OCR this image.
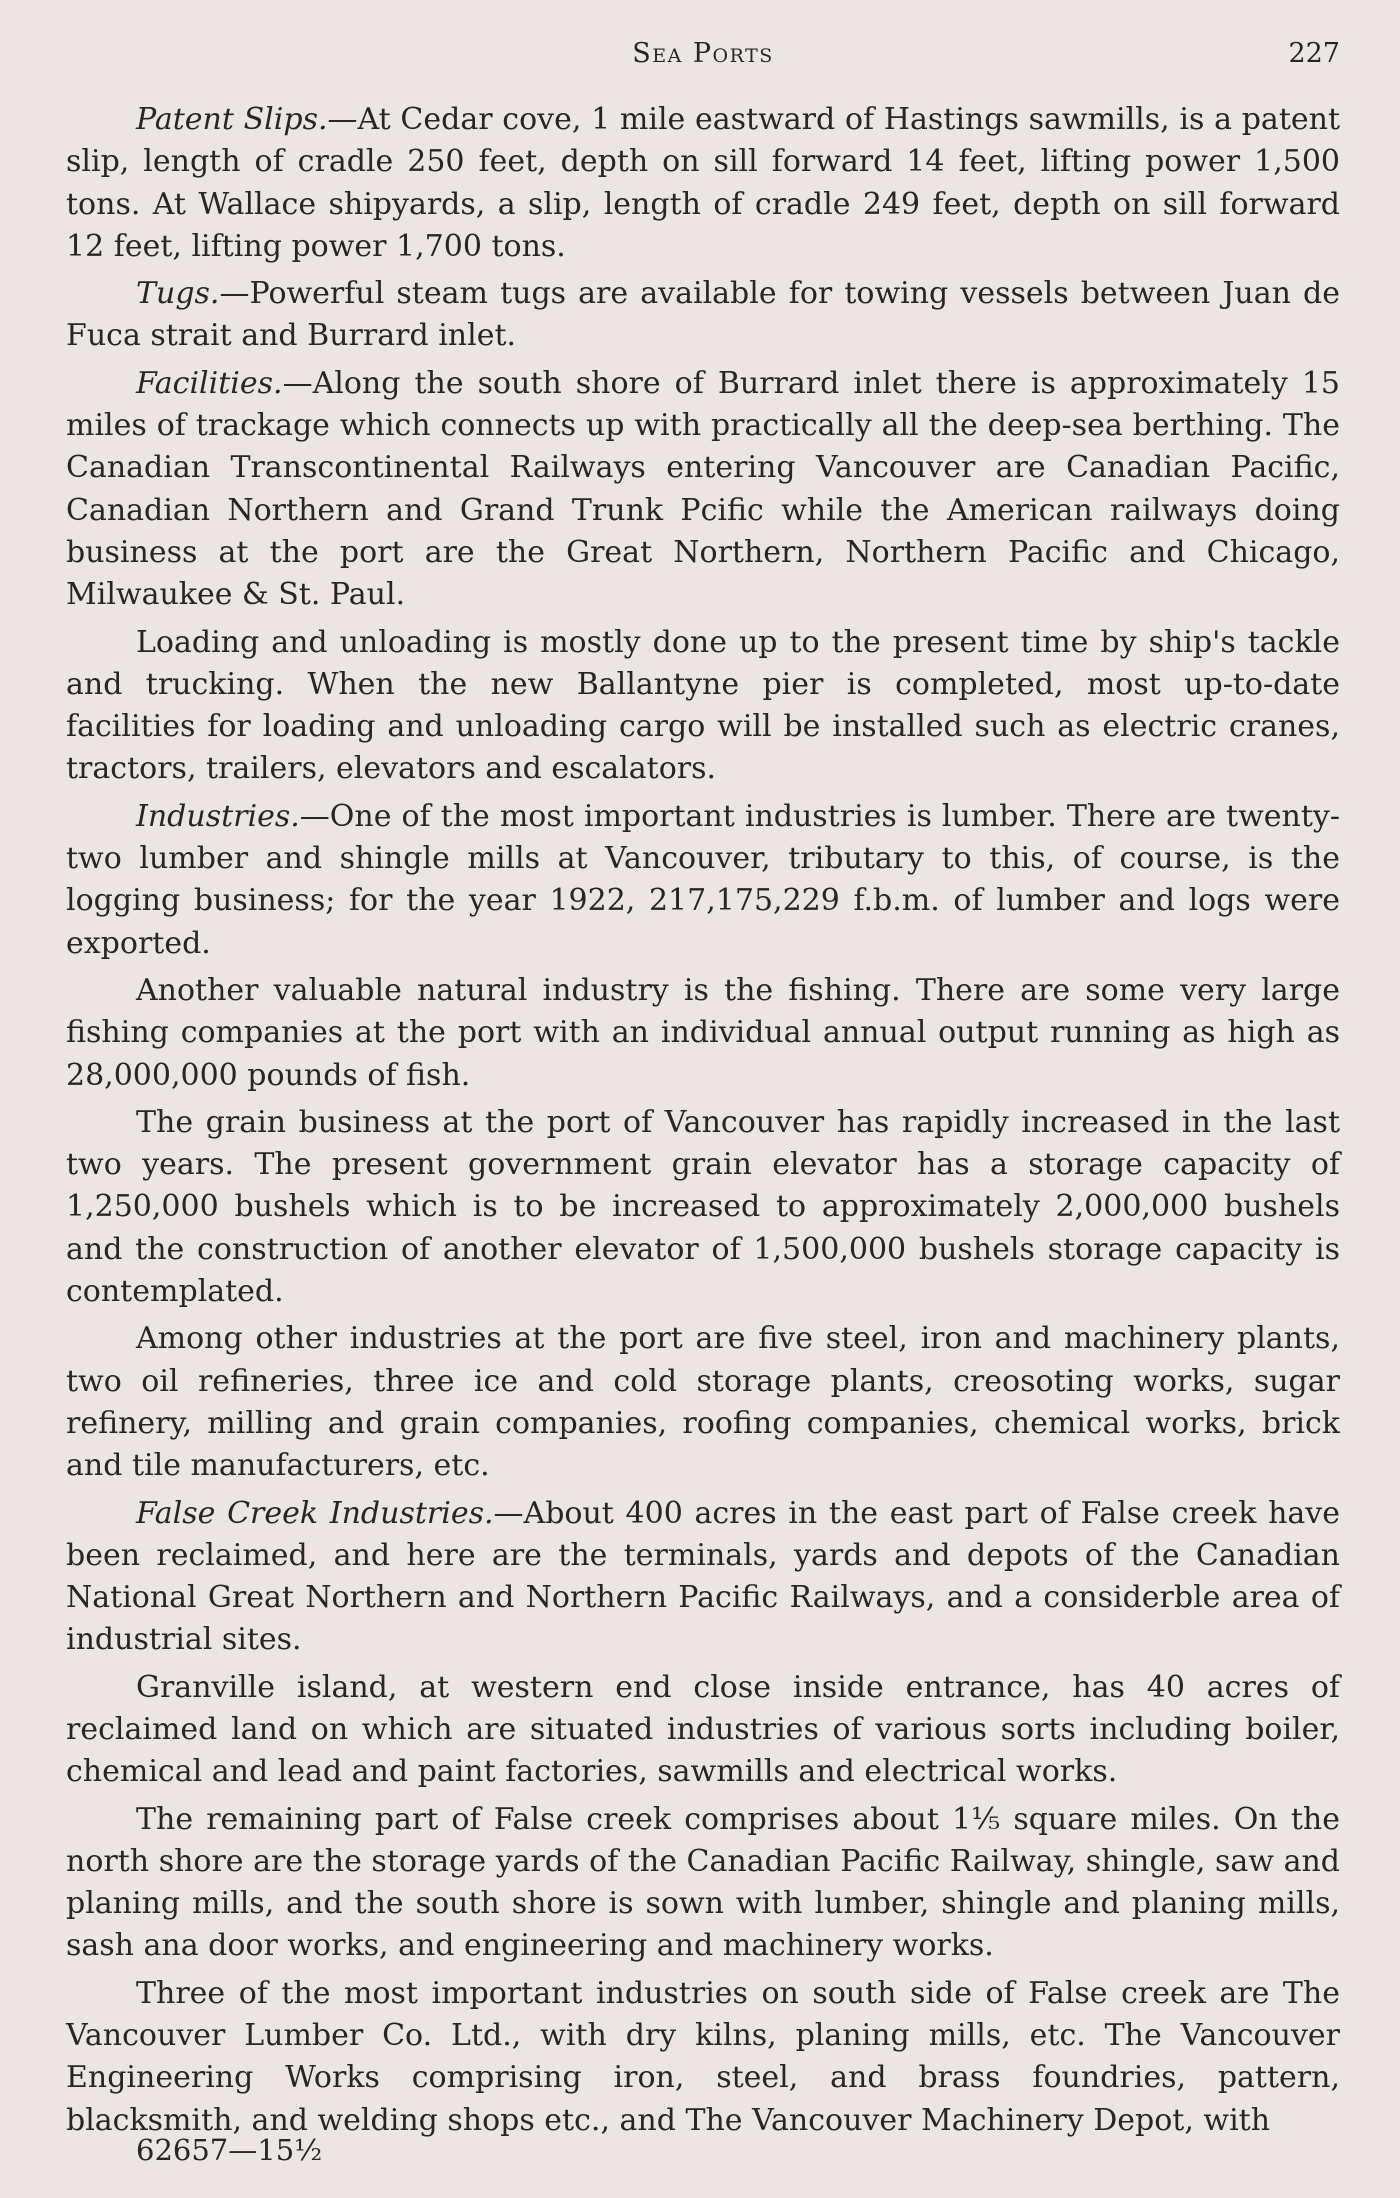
Sea Ports	227

Patent Slips.—At Cedar cove, 1 mile eastward of Hastings sawmills, is a patent slip, length of cradle 250 feet, depth on sill forward 14 feet, lifting power 1,500 tons. At Wallace shipyards, a slip, length of cradle 249 feet, depth on sill forward 12 feet, lifting power 1,700 tons.

Tugs.—Powerful steam tugs are available for towing vessels between Juan de Fuca strait and Burrard inlet.

Facilities.—Along the south shore of Burrard inlet there is approximately 15 miles of trackage which connects up with practically all the deep-sea berthing. The Canadian Transcontinental Railways entering Vancouver are Canadian Pacific, Canadian Northern and Grand Trunk Pcific while the American railways doing business at the port are the Great Northern, Northern Pacific and Chicago, Milwaukee & St. Paul.

Loading and unloading is mostly done up to the present time by ship's tackle and trucking. When the new Ballantyne pier is completed, most up-to-date facilities for loading and unloading cargo will be installed such as electric cranes, tractors, trailers, elevators and escalators.

Industries.—One of the most important industries is lumber. There are twenty-two lumber and shingle mills at Vancouver, tributary to this, of course, is the logging business; for the year 1922, 217,175,229 f.b.m. of lumber and logs were exported.

Another valuable natural industry is the fishing. There are some very large fishing companies at the port with an individual annual output running as high as 28,000,000 pounds of fish.

The grain business at the port of Vancouver has rapidly increased in the last two years. The present government grain elevator has a storage capacity of 1,250,000 bushels which is to be increased to approximately 2,000,000 bushels and the construction of another elevator of 1,500,000 bushels storage capacity is contemplated.

Among other industries at the port are five steel, iron and machinery plants, two oil refineries, three ice and cold storage plants, creosoting works, sugar refinery, milling and grain companies, roofing companies, chemical works, brick and tile manufacturers, etc.

False Creek Industries.—About 400 acres in the east part of False creek have been reclaimed, and here are the terminals, yards and depots of the Canadian National Great Northern and Northern Pacific Railways, and a considerble area of industrial sites.

Granville island, at western end close inside entrance, has 40 acres of reclaimed land on which are situated industries of various sorts including boiler, chemical and lead and paint factories, sawmills and electrical works.

The remaining part of False creek comprises about 1⅕ square miles. On the north shore are the storage yards of the Canadian Pacific Railway, shingle, saw and planing mills, and the south shore is sown with lumber, shingle and planing mills, sash ana door works, and engineering and machinery works.

Three of the most important industries on south side of False creek are The Vancouver Lumber Co. Ltd., with dry kilns, planing mills, etc. The Vancouver Engineering Works comprising iron, steel, and brass foundries, pattern, blacksmith, and welding shops etc., and The Vancouver Machinery Depot, with

62657—15½
